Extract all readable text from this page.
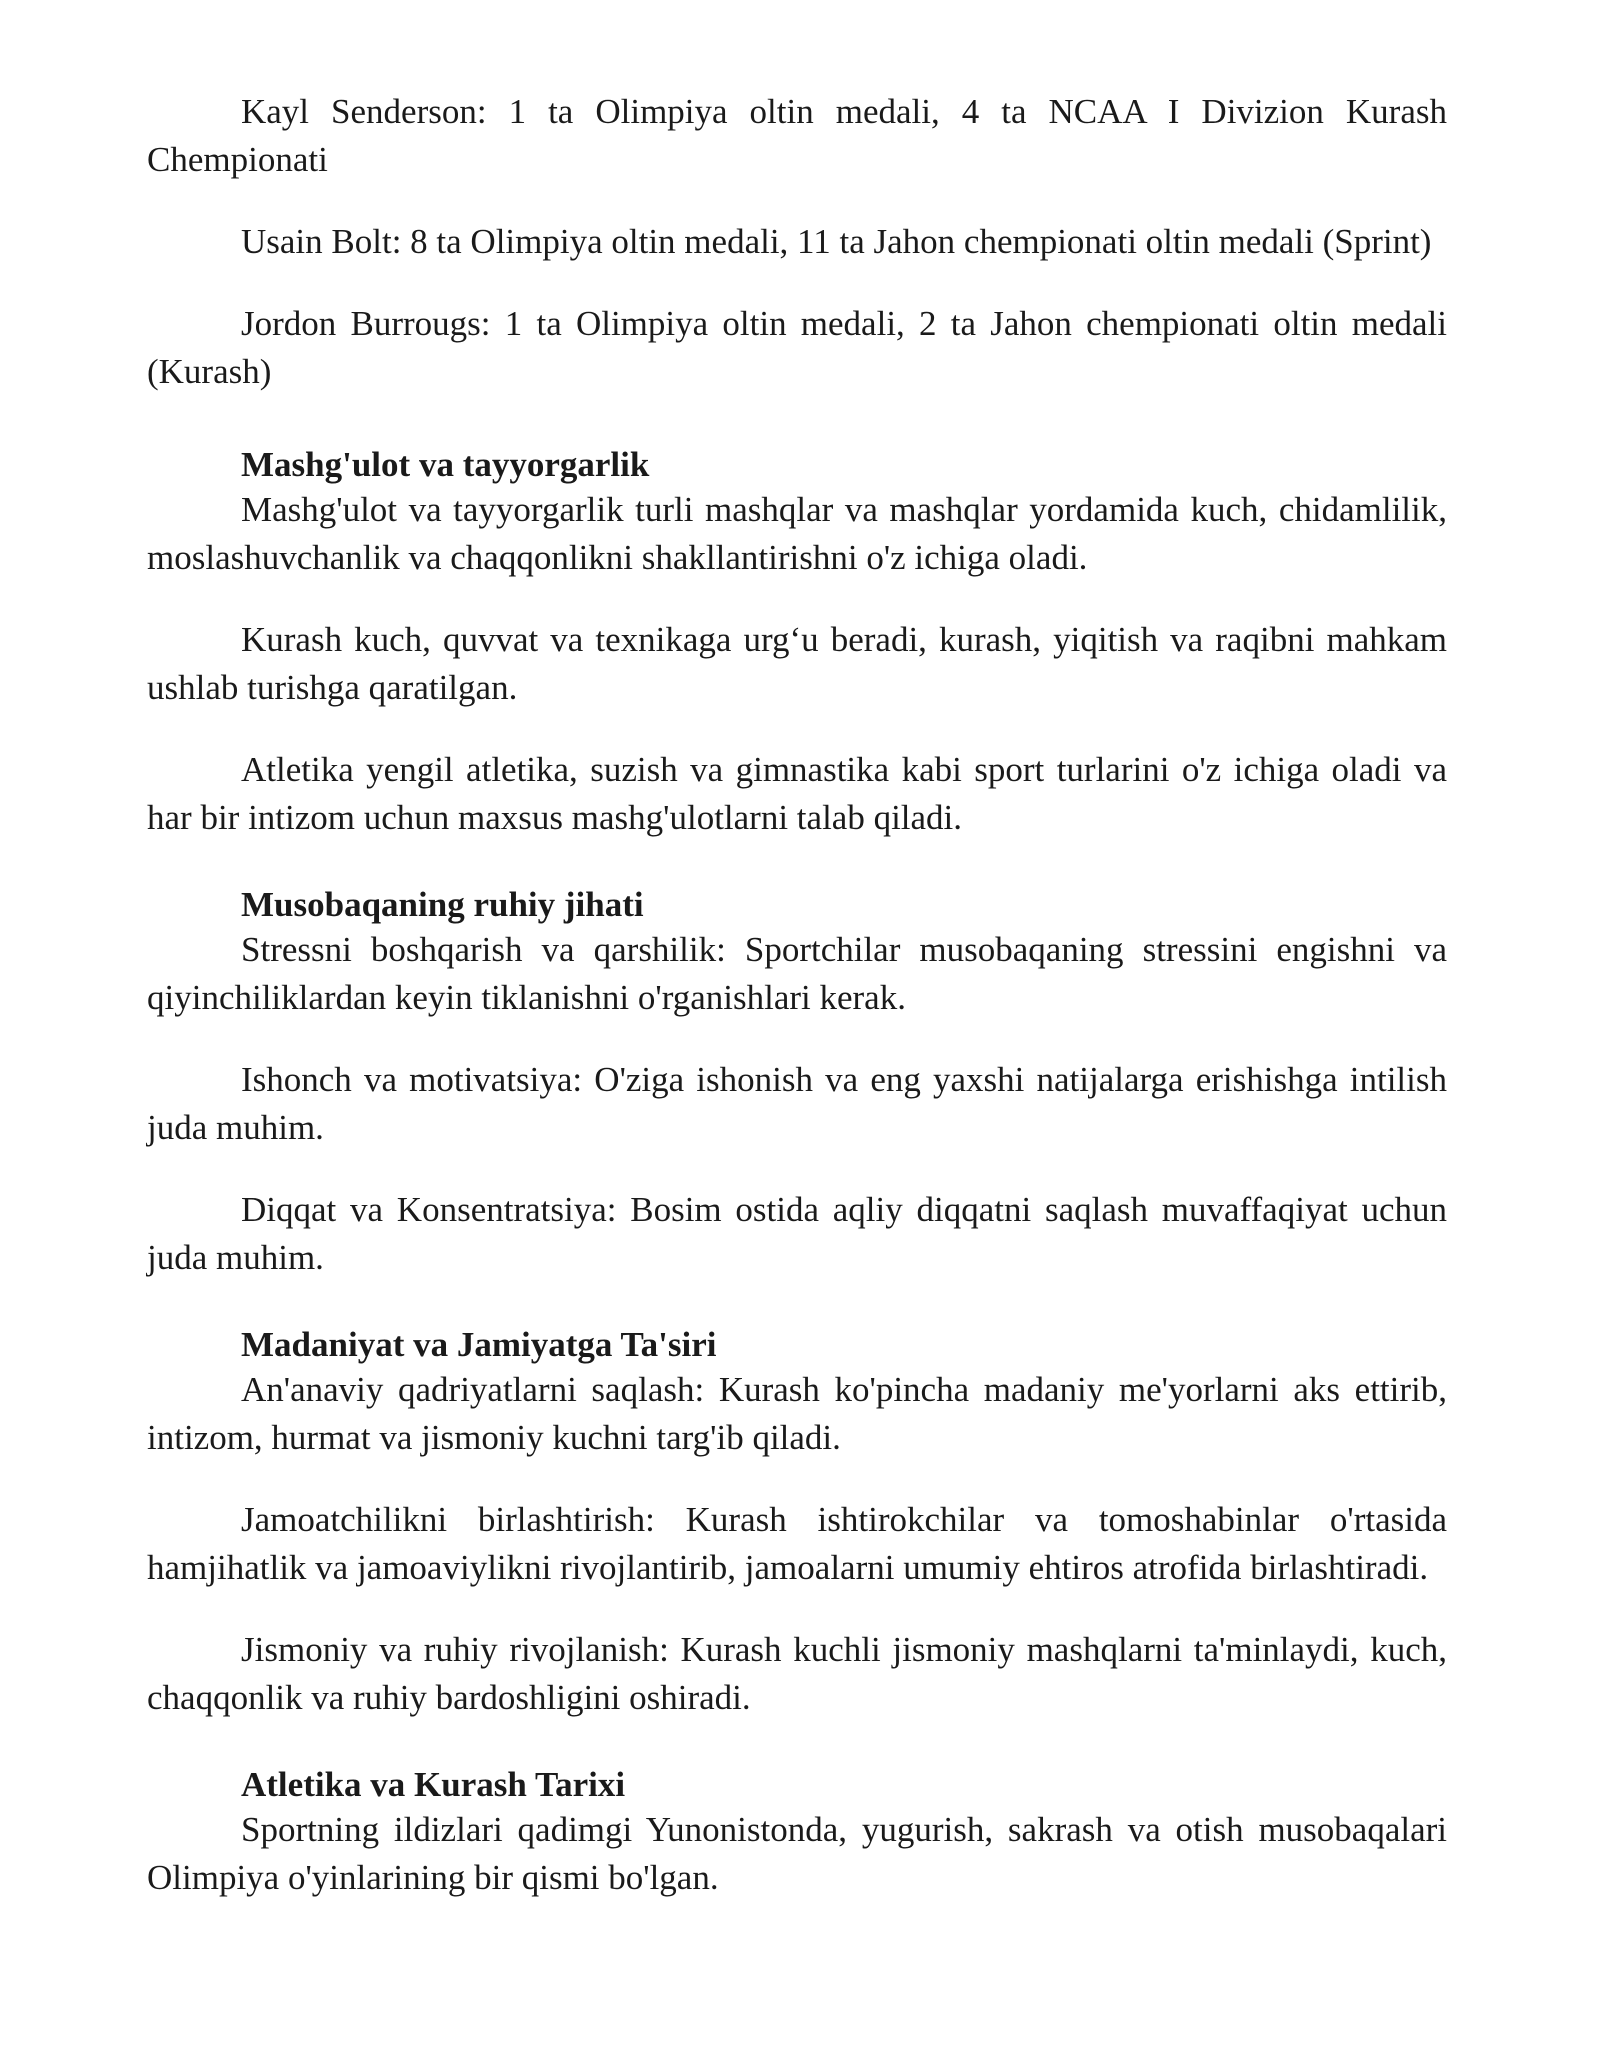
Kayl Senderson: 1 ta Olimpiya oltin medali, 4 ta NCAA I Divizion Kurash Chempionati

Usain Bolt: 8 ta Olimpiya oltin medali, 11 ta Jahon chempionati oltin medali (Sprint)

Jordon Burrougs: 1 ta Olimpiya oltin medali, 2 ta Jahon chempionati oltin medali (Kurash)

Mashg'ulot va tayyorgarlik

Mashg'ulot va tayyorgarlik turli mashqlar va mashqlar yordamida kuch, chidamlilik, moslashuvchanlik va chaqqonlikni shakllantirishni o'z ichiga oladi.

Kurash kuch, quvvat va texnikaga urg‘u beradi, kurash, yiqitish va raqibni mahkam ushlab turishga qaratilgan.

Atletika yengil atletika, suzish va gimnastika kabi sport turlarini o'z ichiga oladi va har bir intizom uchun maxsus mashg'ulotlarni talab qiladi.

Musobaqaning ruhiy jihati

Stressni boshqarish va qarshilik: Sportchilar musobaqaning stressini engishni va qiyinchiliklardan keyin tiklanishni o'rganishlari kerak.

Ishonch va motivatsiya: O'ziga ishonish va eng yaxshi natijalarga erishishga intilish juda muhim.

Diqqat va Konsentratsiya: Bosim ostida aqliy diqqatni saqlash muvaffaqiyat uchun juda muhim.

Madaniyat va Jamiyatga Ta'siri

An'anaviy qadriyatlarni saqlash: Kurash ko'pincha madaniy me'yorlarni aks ettirib, intizom, hurmat va jismoniy kuchni targ'ib qiladi.

Jamoatchilikni birlashtirish: Kurash ishtirokchilar va tomoshabinlar o'rtasida hamjihatlik va jamoaviylikni rivojlantirib, jamoalarni umumiy ehtiros atrofida birlashtiradi.

Jismoniy va ruhiy rivojlanish: Kurash kuchli jismoniy mashqlarni ta'minlaydi, kuch, chaqqonlik va ruhiy bardoshligini oshiradi.

Atletika va Kurash Tarixi

Sportning ildizlari qadimgi Yunonistonda, yugurish, sakrash va otish musobaqalari Olimpiya o'yinlarining bir qismi bo'lgan.
